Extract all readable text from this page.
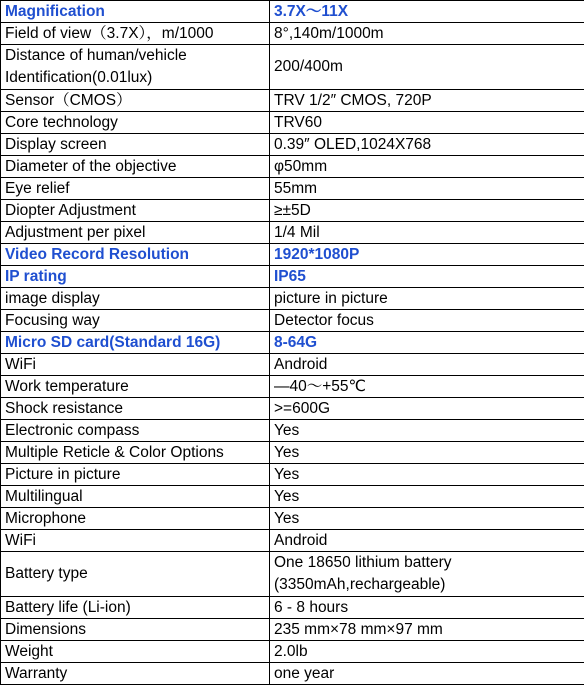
Magnification	3.7X～11X
Field of view（3.7X），m/1000	8°,140m/1000m
Distance of human/vehicle Identification(0.01lux)	200/400m
Sensor（CMOS）	TRV 1/2″ CMOS, 720P
Core technology	TRV60
Display screen	0.39″ OLED,1024X768
Diameter of the objective	φ50mm
Eye relief	55mm
Diopter Adjustment	≥±5D
Adjustment per pixel	1/4 Mil
Video Record Resolution	1920*1080P
IP rating	IP65
image display	picture in picture
Focusing way	Detector focus
Micro SD card(Standard 16G)	8-64G
WiFi	Android
Work temperature	—40～+55℃
Shock resistance	>=600G
Electronic compass	Yes
Multiple Reticle & Color Options	Yes
Picture in picture	Yes
Multilingual	Yes
Microphone	Yes
WiFi	Android
Battery type	One 18650 lithium battery (3350mAh,rechargeable)
Battery life (Li-ion)	6 - 8 hours
Dimensions	235 mm×78 mm×97 mm
Weight	2.0lb
Warranty	one year
